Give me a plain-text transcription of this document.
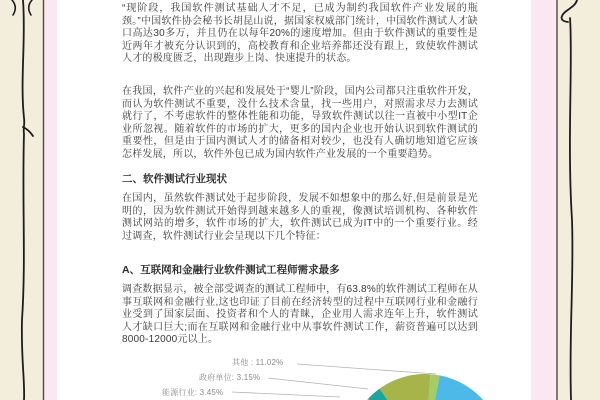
“现阶段，我国软件测试基础人才不足，已成为制约我国软件产业发展的瓶颈。”中国软件协会秘书长胡昆山说，据国家权威部门统计，中国软件测试人才缺口高达30多万，并且仍在以每年20%的速度增加。但由于软件测试的重要性是近两年才被充分认识到的，高校教育和企业培养都还没有跟上，致使软件测试人才的极度匮乏，出现跑步上岗、快速提升的状态。

在我国，软件产业的兴起和发展处于“婴儿”阶段，国内公司都只注重软件开发，而认为软件测试不重要，没什么技术含量，找一些用户，对照需求尽力去测试就行了，不考虑软件的整体性能和功能，导致软件测试以往一直被中小型IT企业所忽视。随着软件的市场的扩大，更多的国内企业也开始认识到软件测试的重要性，但是由于国内测试人才的储备相对较少，也没有人确切地知道它应该怎样发展，所以，软件外包已成为国内软件产业发展的一个重要趋势。

二、软件测试行业现状

在国内，虽然软件测试处于起步阶段，发展不如想象中的那么好,但是前景是光明的，因为软件测试开始得到越来越多人的重视，像测试培训机构、各种软件测试网站的增多，软件市场的扩大，软件测试已成为IT中的一个重要行业。经过调查，软件测试行业会呈现以下几个特征：

A、互联网和金融行业软件测试工程师需求最多

调查数据显示，被全部受调查的测试工程师中，有63.8%的软件测试工程师在从事互联网和金融行业,这也印证了目前在经济转型的过程中互联网行业和金融行业受到了国家层面、投资者和个人的青睐，企业用人需求连年上升，软件测试人才缺口巨大;而在互联网和金融行业中从事软件测试工作，薪资普遍可以达到8000-12000元以上。

其他 : 11.02%
政府单位: 3.15%
能源行业: 3.45%
